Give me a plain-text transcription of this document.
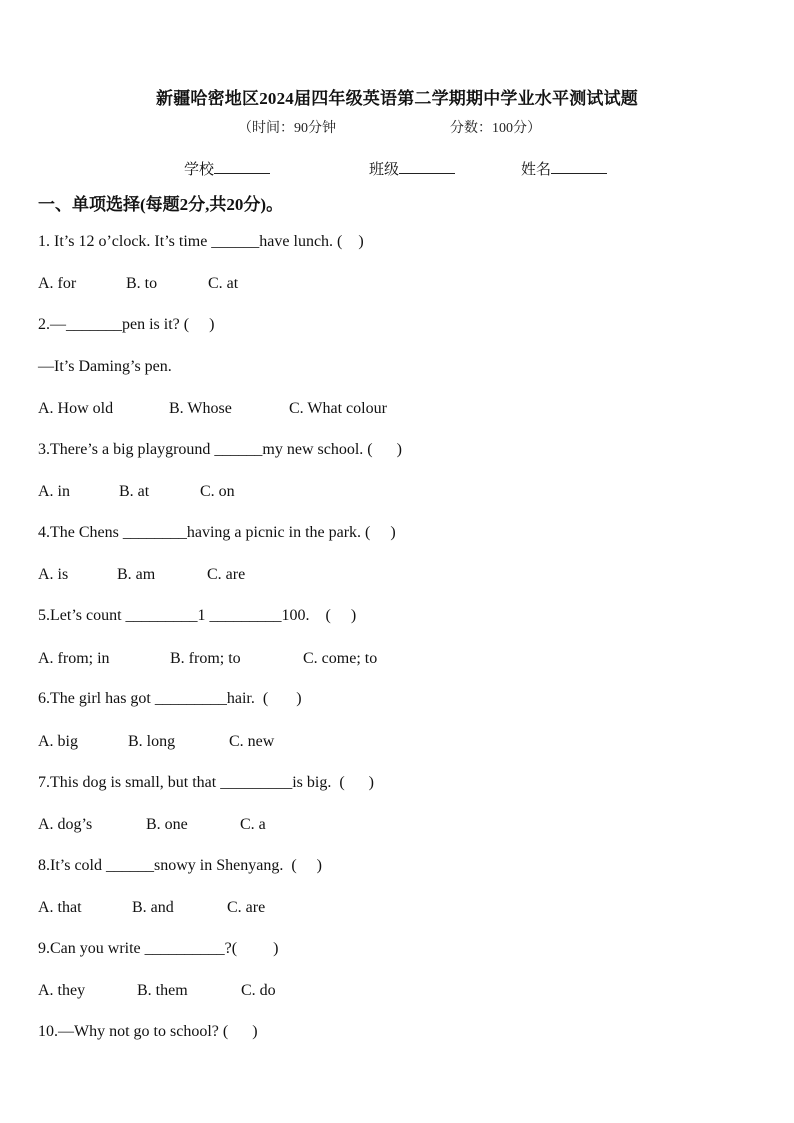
新疆哈密地区2024届四年级英语第二学期期中学业水平测试试题
（时间：90分钟	分数：100分）
学校	班级	姓名
一、单项选择(每题2分,共20分)。
1. It’s 12 o’clock. It’s time ______have lunch. (    )
A. for	B. to	C. at
2.—_______pen is it? (     )
—It’s Daming’s pen.
A. How old	B. Whose	C. What colour
3.There’s a big playground ______my new school. (      )
A. in	B. at	C. on
4.The Chens ________having a picnic in the park. (     )
A. is	B. am	C. are
5.Let’s count _________1 _________100.    (     )
A. from; in	B. from; to	C. come; to
6.The girl has got _________hair.  (       )
A. big	B. long	C. new
7.This dog is small, but that _________is big.  (      )
A. dog’s	B. one	C. a
8.It’s cold ______snowy in Shenyang.  (     )
A. that	B. and	C. are
9.Can you write __________?(         )
A. they	B. them	C. do
10.—Why not go to school? (      )
